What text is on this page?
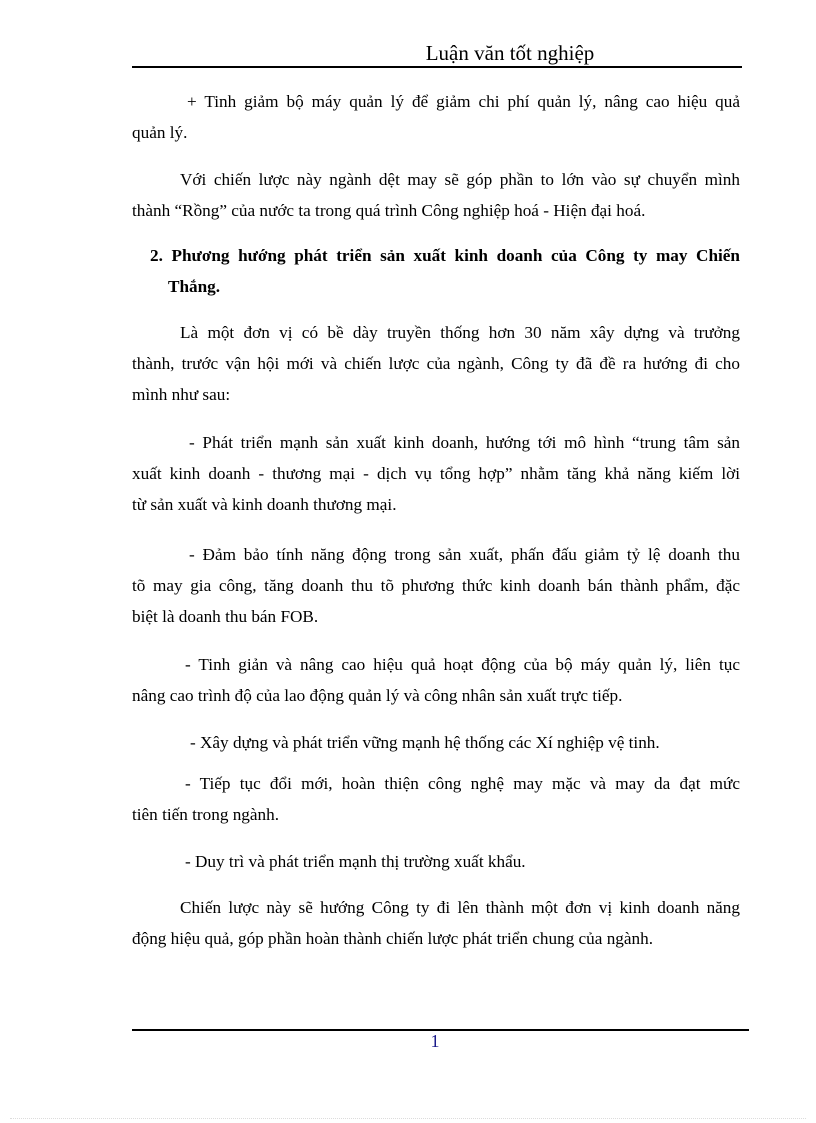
Luận văn tốt nghiệp
+ Tinh giảm bộ máy quản lý để giảm chi phí quản lý, nâng cao hiệu quả
quản lý.
Với chiến lược này ngành dệt may sẽ góp phần to lớn vào sự chuyển mình
thành “Rồng” của nước ta trong quá trình Công nghiệp hoá - Hiện đại hoá.
2. Phương hướng phát triển sản xuất kinh doanh của Công ty may Chiến
Thắng.
Là một đơn vị có bề dày truyền thống hơn 30 năm xây dựng và trưởng
thành, trước vận hội mới và chiến lược của ngành, Công ty đã đề ra hướng đi cho
mình như sau:
- Phát triển mạnh sản xuất kinh doanh, hướng tới mô hình “trung tâm sản
xuất kinh doanh - thương mại - dịch vụ tổng hợp” nhằm tăng khả năng kiếm lời
từ sản xuất và kinh doanh thương mại.
- Đảm bảo tính năng động trong sản xuất, phấn đấu giảm tỷ lệ doanh thu
tõ may gia công, tăng doanh thu tõ phương thức kinh doanh bán thành phẩm, đặc
biệt là doanh thu bán FOB.
- Tinh giản và nâng cao hiệu quả hoạt động của bộ máy quản lý, liên tục
nâng cao trình độ của lao động quản lý và công nhân sản xuất trực tiếp.
- Xây dựng và phát triển vững mạnh hệ thống các Xí nghiệp vệ tinh.
- Tiếp tục đổi mới, hoàn thiện công nghệ may mặc và may da đạt mức
tiên tiến trong ngành.
- Duy trì và phát triển mạnh thị trường xuất khẩu.
Chiến lược này sẽ hướng Công ty đi lên thành một đơn vị kinh doanh năng
động hiệu quả, góp phần hoàn thành chiến lược phát triển chung của ngành.
1
